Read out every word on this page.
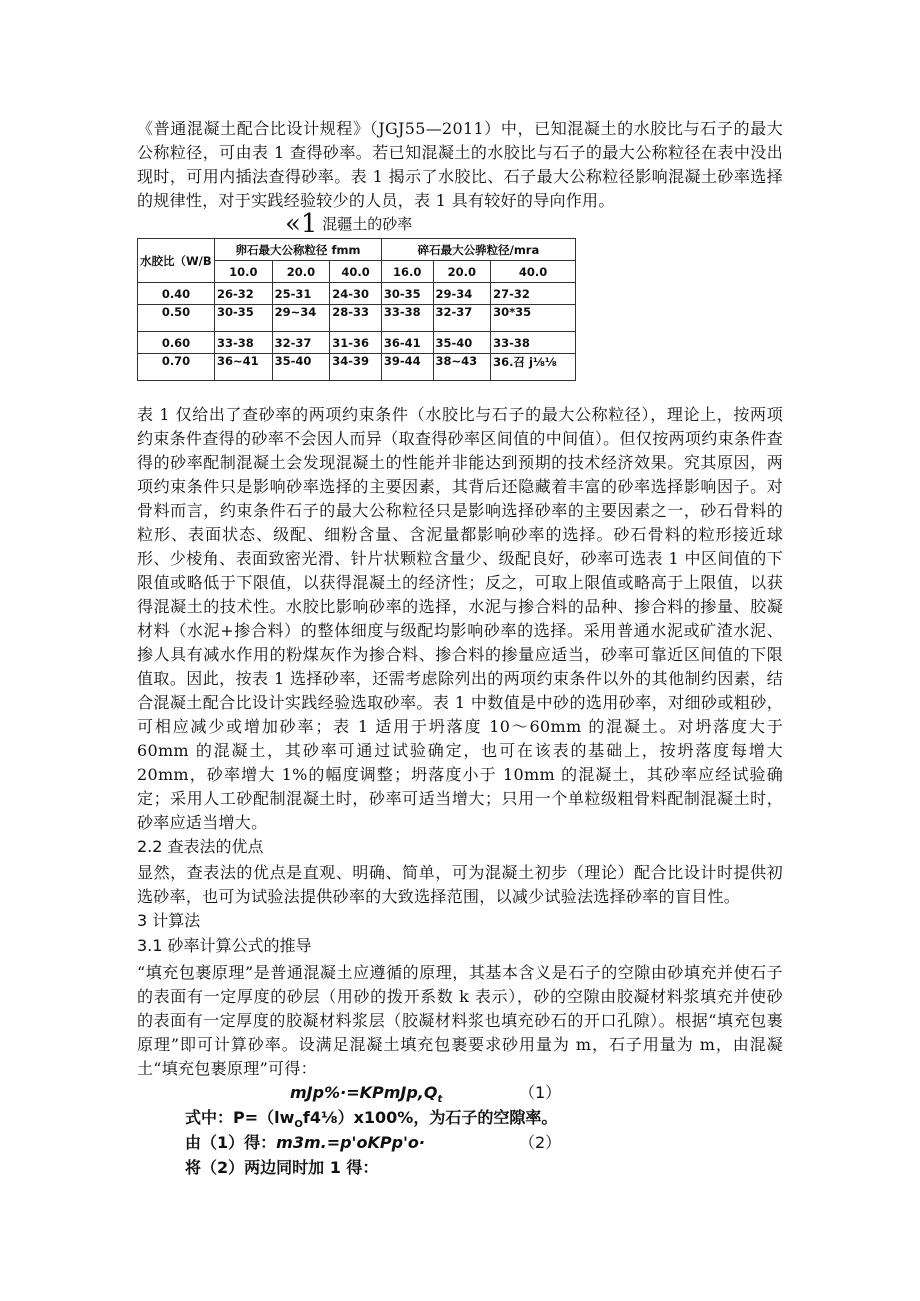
《普通混凝土配合比设计规程》（JGJ55—2011）中，已知混凝土的水胶比与石子的最大公称粒径，可由表 1 查得砂率。若已知混凝土的水胶比与石子的最大公称粒径在表中没出现时，可用内插法查得砂率。表 1 揭示了水胶比、石子最大公称粒径影响混凝土砂率选择的规律性，对于实践经验较少的人员，表 1 具有较好的导向作用。

«1 混疆土的砂率
水胶比（W/B	卵石最大公称粒径 fmm			碎石最大公骅粒径/mra		
	10.0	20.0	40.0	16.0	20.0	40.0
0.40	26-32	25-31	24-30	30-35	29-34	27-32
0.50	30-35	29~34	28-33	33-38	32-37	30*35
0.60	33-38	32-37	31-36	36-41	35-40	33-38
0.70	36~41	35-40	34-39	39-44	38~43	36.召 j⅛⅛

表 1 仅给出了查砂率的两项约束条件（水胶比与石子的最大公称粒径），理论上，按两项约束条件查得的砂率不会因人而异（取查得砂率区间值的中间值）。但仅按两项约束条件查得的砂率配制混凝土会发现混凝土的性能并非能达到预期的技术经济效果。究其原因，两项约束条件只是影响砂率选择的主要因素，其背后还隐藏着丰富的砂率选择影响因子。对骨料而言，约束条件石子的最大公称粒径只是影响选择砂率的主要因素之一，砂石骨料的粒形、表面状态、级配、细粉含量、含泥量都影响砂率的选择。砂石骨料的粒形接近球形、少棱角、表面致密光滑、针片状颗粒含量少、级配良好，砂率可选表 1 中区间值的下限值或略低于下限值，以获得混凝土的经济性；反之，可取上限值或略高于上限值，以获得混凝土的技术性。水胶比影响砂率的选择，水泥与掺合料的品种、掺合料的掺量、胶凝材料（水泥+掺合料）的整体细度与级配均影响砂率的选择。采用普通水泥或矿渣水泥、掺人具有减水作用的粉煤灰作为掺合料、掺合料的掺量应适当，砂率可靠近区间值的下限值取。因此，按表 1 选择砂率，还需考虑除列出的两项约束条件以外的其他制约因素，结合混凝土配合比设计实践经验选取砂率。表 1 中数值是中砂的选用砂率，对细砂或粗砂，可相应减少或增加砂率；表 1 适用于坍落度 10～60mm 的混凝土。对坍落度大于 60mm 的混凝土，其砂率可通过试验确定，也可在该表的基础上，按坍落度每增大 20mm，砂率增大 1%的幅度调整；坍落度小于 10mm 的混凝土，其砂率应经试验确定；采用人工砂配制混凝土时，砂率可适当增大；只用一个单粒级粗骨料配制混凝土时，砂率应适当增大。

2.2 查表法的优点

显然，查表法的优点是直观、明确、简单，可为混凝土初步（理论）配合比设计时提供初选砂率，也可为试验法提供砂率的大致选择范围，以减少试验法选择砂率的盲目性。

3 计算法

3.1 砂率计算公式的推导

“填充包裹原理”是普通混凝土应遵循的原理，其基本含义是石子的空隙由砂填充并使石子的表面有一定厚度的砂层（用砂的拨开系数 k 表示），砂的空隙由胶凝材料浆填充并使砂的表面有一定厚度的胶凝材料浆层（胶凝材料浆也填充砂石的开口孔隙）。根据“填充包裹原理”即可计算砂率。设满足混凝土填充包裹要求砂用量为 m，石子用量为 m，由混凝土“填充包裹原理”可得：

$mJp\%\cdot=KPmJp,Q_t$	（1）
式中：$P=(lw_Of4\frac{1}{8})x100\%$，为石子的空隙率。
由（1）得：m3m.=p'oKPp'o·	（2）
将（2）两边同时加 1 得：
